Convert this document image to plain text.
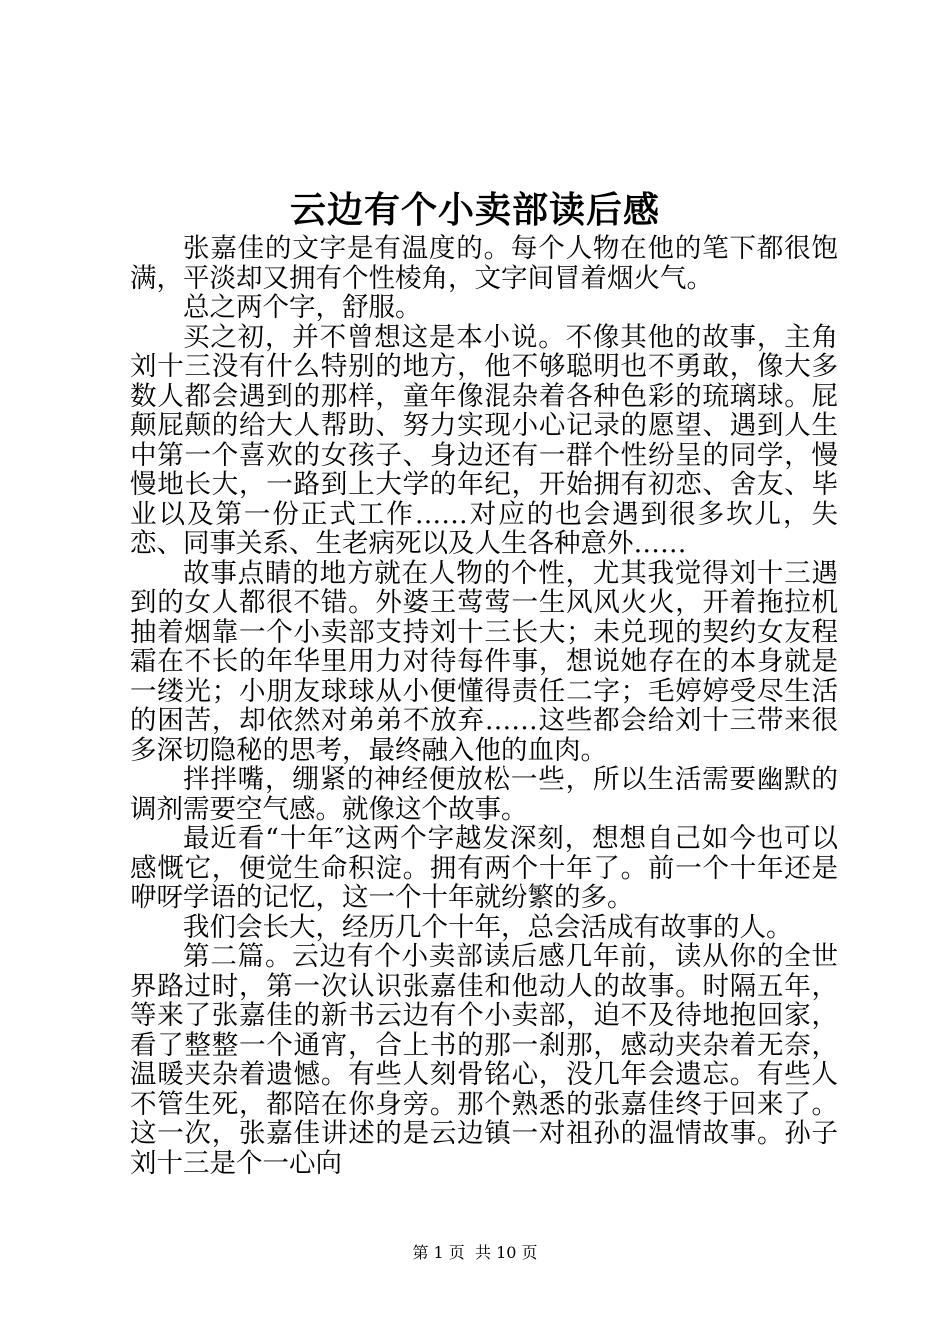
云边有个小卖部读后感

张嘉佳的文字是有温度的。每个人物在他的笔下都很饱满，平淡却又拥有个性棱角，文字间冒着烟火气。

总之两个字，舒服。

买之初，并不曾想这是本小说。不像其他的故事，主角刘十三没有什么特别的地方，他不够聪明也不勇敢，像大多数人都会遇到的那样，童年像混杂着各种色彩的琉璃球。屁颠屁颠的给大人帮助、努力实现小心记录的愿望、遇到人生中第一个喜欢的女孩子、身边还有一群个性纷呈的同学，慢慢地长大，一路到上大学的年纪，开始拥有初恋、舍友、毕业以及第一份正式工作……对应的也会遇到很多坎儿，失恋、同事关系、生老病死以及人生各种意外……

故事点睛的地方就在人物的个性，尤其我觉得刘十三遇到的女人都很不错。外婆王莺莺一生风风火火，开着拖拉机抽着烟靠一个小卖部支持刘十三长大；未兑现的契约女友程霜在不长的年华里用力对待每件事，想说她存在的本身就是一缕光；小朋友球球从小便懂得责任二字；毛婷婷受尽生活的困苦，却依然对弟弟不放弃……这些都会给刘十三带来很多深切隐秘的思考，最终融入他的血肉。

拌拌嘴，绷紧的神经便放松一些，所以生活需要幽默的调剂需要空气感。就像这个故事。

最近看“十年″这两个字越发深刻，想想自己如今也可以感慨它，便觉生命积淀。拥有两个十年了。前一个十年还是咿呀学语的记忆，这一个十年就纷繁的多。

我们会长大，经历几个十年，总会活成有故事的人。

第二篇。云边有个小卖部读后感几年前，读从你的全世界路过时，第一次认识张嘉佳和他动人的故事。时隔五年，等来了张嘉佳的新书云边有个小卖部，迫不及待地抱回家，看了整整一个通宵，合上书的那一刹那，感动夹杂着无奈，温暖夹杂着遗憾。有些人刻骨铭心，没几年会遗忘。有些人不管生死，都陪在你身旁。那个熟悉的张嘉佳终于回来了。这一次，张嘉佳讲述的是云边镇一对祖孙的温情故事。孙子刘十三是个一心向

第 1 页 共 10 页
